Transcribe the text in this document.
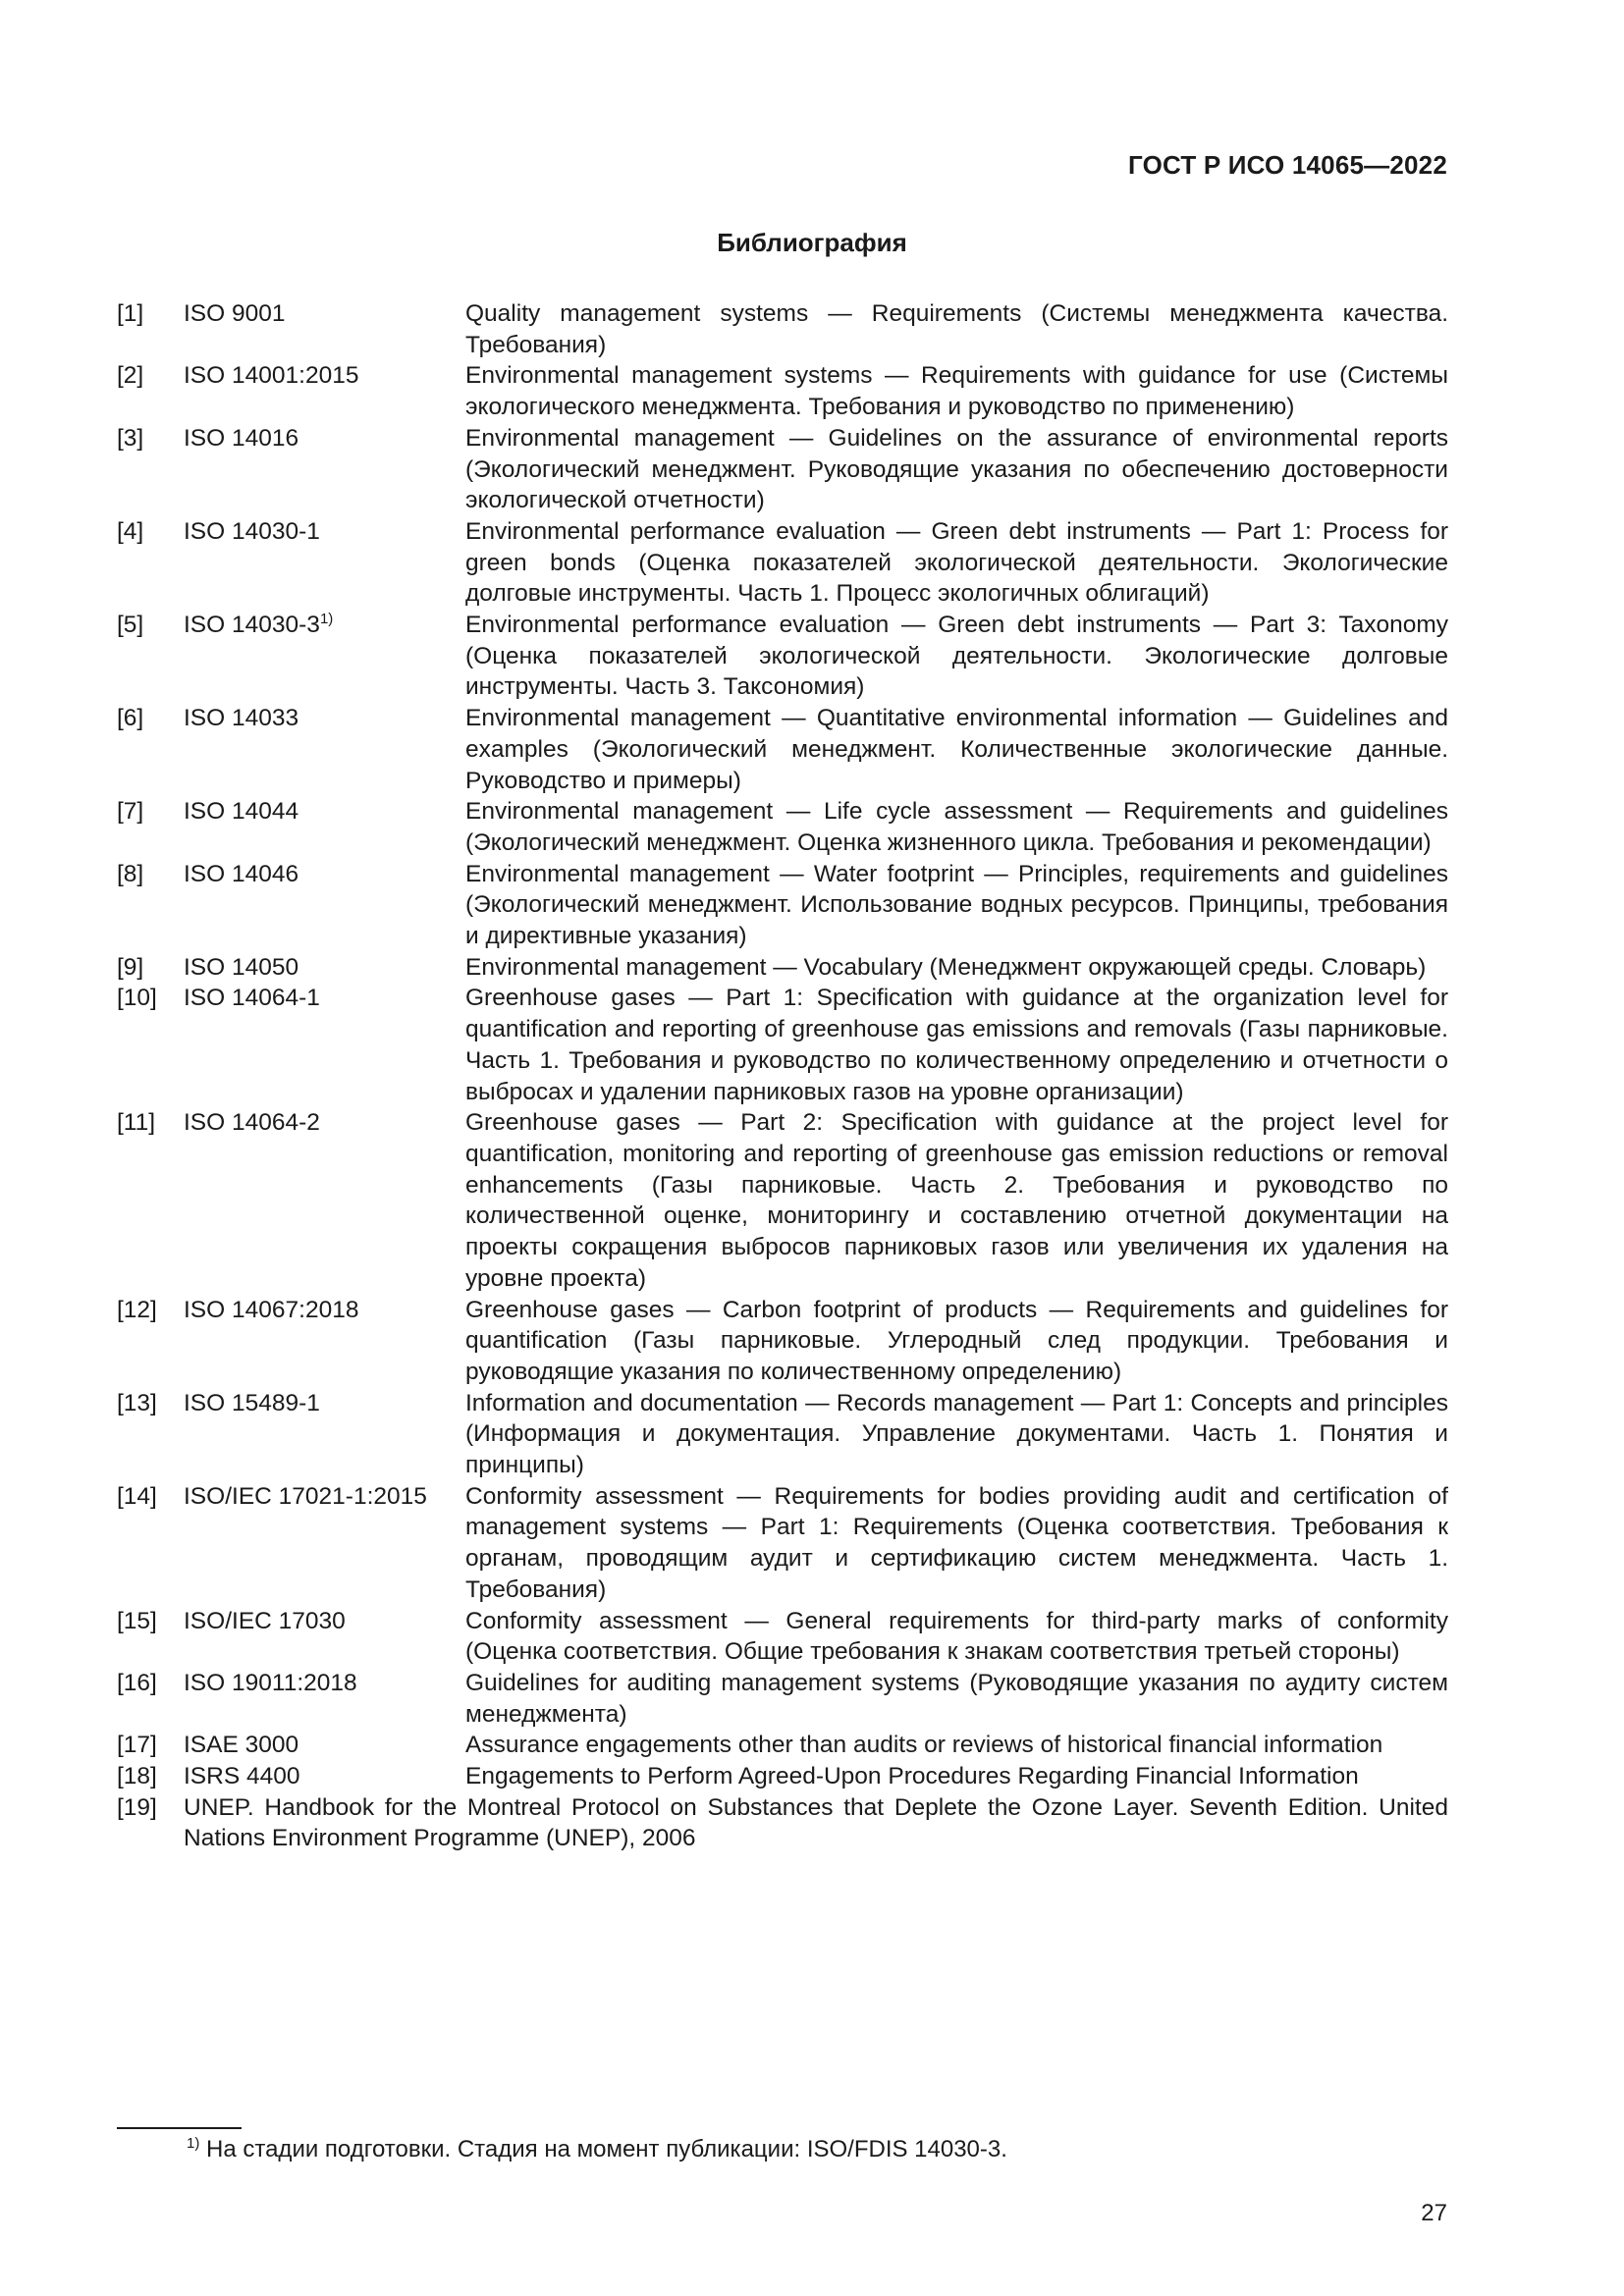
ГОСТ Р ИСО 14065—2022
Библиография
[1]	ISO 9001	Quality management systems — Requirements (Системы менеджмента качества. Требования)
[2]	ISO 14001:2015	Environmental management systems — Requirements with guidance for use (Системы экологического менеджмента. Требования и руководство по применению)
[3]	ISO 14016	Environmental management — Guidelines on the assurance of environmental reports (Экологический менеджмент. Руководящие указания по обеспечению достоверности экологической отчетности)
[4]	ISO 14030-1	Environmental performance evaluation — Green debt instruments — Part 1: Process for green bonds (Оценка показателей экологической деятельности. Экологические долговые инструменты. Часть 1. Процесс экологичных облигаций)
[5]	ISO 14030-3$^{1)}$	Environmental performance evaluation — Green debt instruments — Part 3: Taxonomy (Оценка показателей экологической деятельности. Экологические долговые инструменты. Часть 3. Таксономия)
[6]	ISO 14033	Environmental management — Quantitative environmental information — Guidelines and examples (Экологический менеджмент. Количественные экологические данные. Руководство и примеры)
[7]	ISO 14044	Environmental management — Life cycle assessment — Requirements and guidelines (Экологический менеджмент. Оценка жизненного цикла. Требования и рекомендации)
[8]	ISO 14046	Environmental management — Water footprint — Principles, requirements and guidelines (Экологический менеджмент. Использование водных ресурсов. Принципы, требования и директивные указания)
[9]	ISO 14050	Environmental management — Vocabulary (Менеджмент окружающей среды. Словарь)
[10]	ISO 14064-1	Greenhouse gases — Part 1: Specification with guidance at the organization level for quantification and reporting of greenhouse gas emissions and removals (Газы парниковые. Часть 1. Требования и руководство по количественному определению и отчетности о выбросах и удалении парниковых газов на уровне организации)
[11]	ISO 14064-2	Greenhouse gases — Part 2: Specification with guidance at the project level for quantification, monitoring and reporting of greenhouse gas emission reductions or removal enhancements (Газы парниковые. Часть 2. Требования и руководство по количественной оценке, мониторингу и составлению отчетной документации на проекты сокращения выбросов парниковых газов или увеличения их удаления на уровне проекта)
[12]	ISO 14067:2018	Greenhouse gases — Carbon footprint of products — Requirements and guidelines for quantification (Газы парниковые. Углеродный след продукции. Требования и руководящие указания по количественному определению)
[13]	ISO 15489-1	Information and documentation — Records management — Part 1: Concepts and principles (Информация и документация. Управление документами. Часть 1. Понятия и принципы)
[14]	ISO/IEC 17021-1:2015	Conformity assessment — Requirements for bodies providing audit and certification of management systems — Part 1: Requirements (Оценка соответствия. Требования к органам, проводящим аудит и сертификацию систем менеджмента. Часть 1. Требования)
[15]	ISO/IEC 17030	Conformity assessment — General requirements for third-party marks of conformity (Оценка соответствия. Общие требования к знакам соответствия третьей стороны)
[16]	ISO 19011:2018	Guidelines for auditing management systems (Руководящие указания по аудиту систем менеджмента)
[17]	ISAE 3000	Assurance engagements other than audits or reviews of historical financial information
[18]	ISRS 4400	Engagements to Perform Agreed-Upon Procedures Regarding Financial Information
[19]	UNEP. Handbook for the Montreal Protocol on Substances that Deplete the Ozone Layer. Seventh Edition. United Nations Environment Programme (UNEP), 2006
$^{1)}$ На стадии подготовки. Стадия на момент публикации: ISO/FDIS 14030-3.
27
